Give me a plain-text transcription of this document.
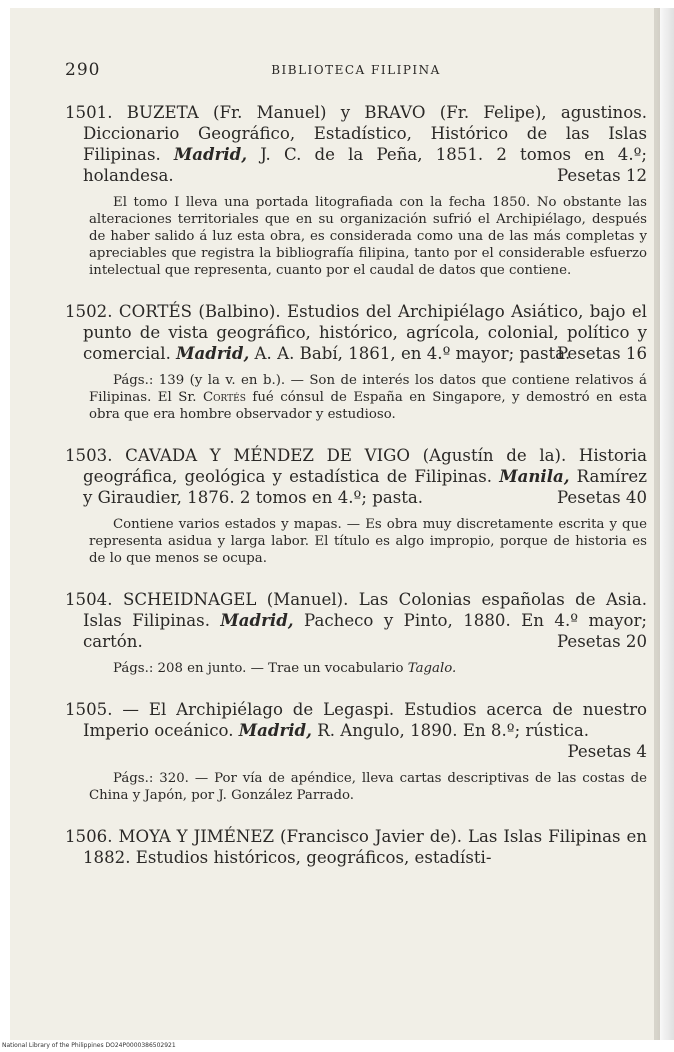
290	BIBLIOTECA FILIPINA
1501. BUZETA (Fr. Manuel) y BRAVO (Fr. Felipe), agustinos. Diccionario Geográfico, Estadístico, Histórico de las Islas Filipinas. Madrid, J. C. de la Peña, 1851. 2 tomos en 4.º; holandesa.	Pesetas 12
El tomo I lleva una portada litografiada con la fecha 1850. No obstante las alteraciones territoriales que en su organización sufrió el Archipiélago, después de haber salido á luz esta obra, es considerada como una de las más completas y apreciables que registra la bibliografía filipina, tanto por el considerable esfuerzo intelectual que representa, cuanto por el caudal de datos que contiene.
1502. CORTÉS (Balbino). Estudios del Archipiélago Asiático, bajo el punto de vista geográfico, histórico, agrícola, colonial, político y comercial. Madrid, A. A. Babí, 1861, en 4.º mayor; pasta.
Pesetas 16
Págs.: 139 (y la v. en b.). — Son de interés los datos que contiene relativos á Filipinas. El Sr. Cortés fué cónsul de España en Singapore, y demostró en esta obra que era hombre observador y estudioso.
1503. CAVADA Y MÉNDEZ DE VIGO (Agustín de la). Historia geográfica, geológica y estadística de Filipinas. Manila, Ramírez y Giraudier, 1876. 2 tomos en 4.º; pasta.	Pesetas 40
Contiene varios estados y mapas. — Es obra muy discretamente escrita y que representa asidua y larga labor. El título es algo impropio, porque de historia es de lo que menos se ocupa.
1504. SCHEIDNAGEL (Manuel). Las Colonias españolas de Asia. Islas Filipinas. Madrid, Pacheco y Pinto, 1880. En 4.º mayor; cartón.	Pesetas 20
Págs.: 208 en junto. — Trae un vocabulario Tagalo.
1505. — El Archipiélago de Legaspi. Estudios acerca de nuestro Imperio oceánico. Madrid, R. Angulo, 1890. En 8.º; rústica.
Pesetas 4
Págs.: 320. — Por vía de apéndice, lleva cartas descriptivas de las costas de China y Japón, por J. González Parrado.
1506. MOYA Y JIMÉNEZ (Francisco Javier de). Las Islas Filipinas en 1882. Estudios históricos, geográficos, estadísti-
National Library of the Philippines DO24P0000386502921
